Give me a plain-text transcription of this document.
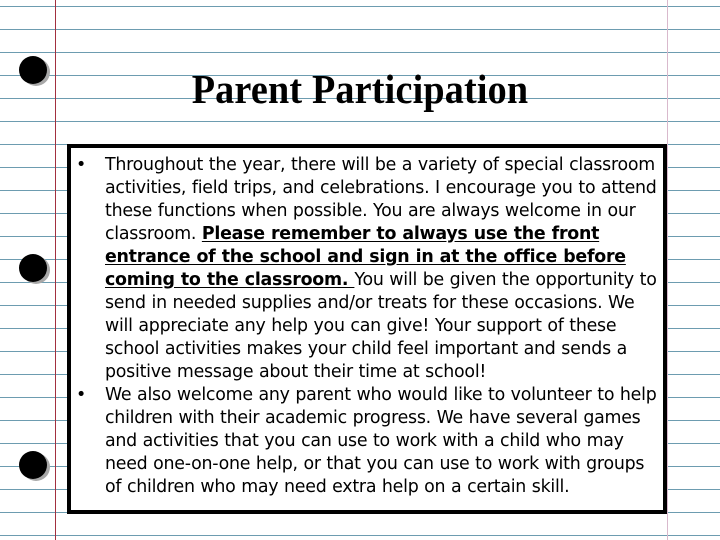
Parent Participation
• Throughout the year, there will be a variety of special classroom activities, field trips, and celebrations. I encourage you to attend these functions when possible. You are always welcome in our classroom. Please remember to always use the front entrance of the school and sign in at the office before coming to the classroom. You will be given the opportunity to send in needed supplies and/or treats for these occasions. We will appreciate any help you can give! Your support of these school activities makes your child feel important and sends a positive message about their time at school!
• We also welcome any parent who would like to volunteer to help children with their academic progress. We have several games and activities that you can use to work with a child who may need one-on-one help, or that you can use to work with groups of children who may need extra help on a certain skill.
